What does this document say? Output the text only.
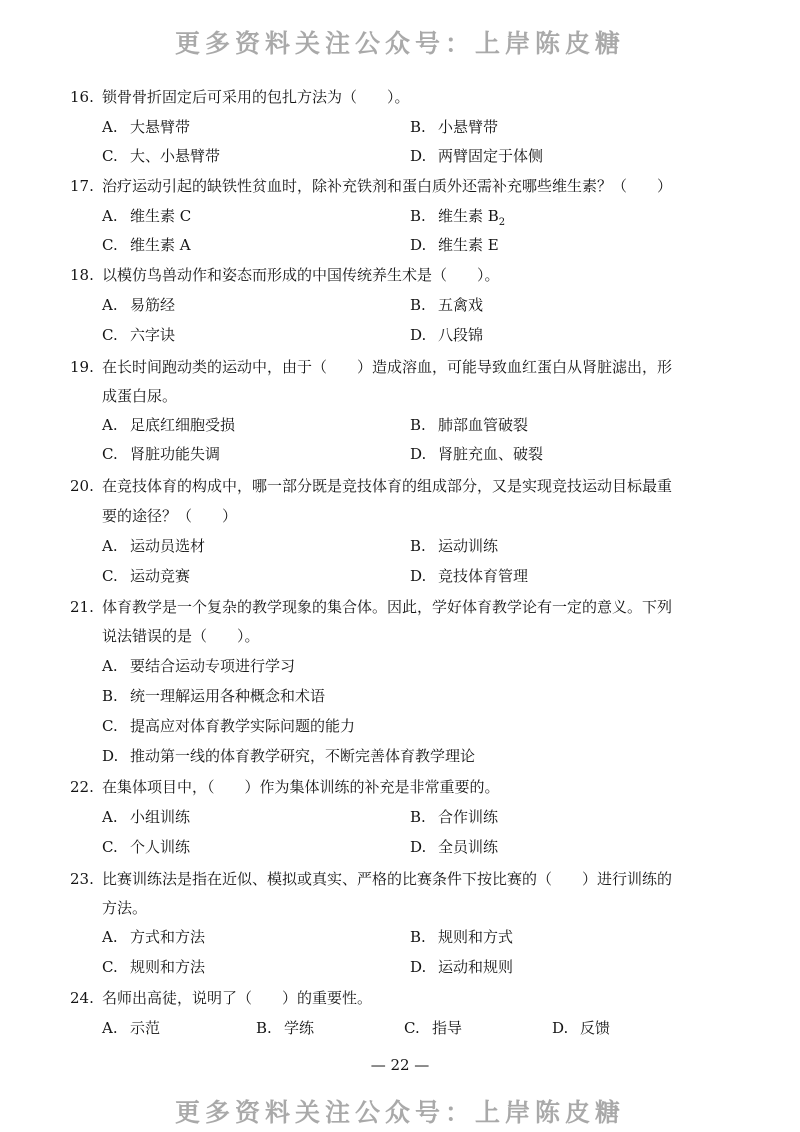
更多资料关注公众号：上岸陈皮糖
16. 锁骨骨折固定后可采用的包扎方法为（　　）。
A. 大悬臂带	B. 小悬臂带
C. 大、小悬臂带	D. 两臂固定于体侧
17. 治疗运动引起的缺铁性贫血时，除补充铁剂和蛋白质外还需补充哪些维生素？（　　）
A. 维生素 C	B. 维生素 $B_2$
C. 维生素 A	D. 维生素 E
18. 以模仿鸟兽动作和姿态而形成的中国传统养生术是（　　）。
A. 易筋经	B. 五禽戏
C. 六字诀	D. 八段锦
19. 在长时间跑动类的运动中，由于（　　）造成溶血，可能导致血红蛋白从肾脏滤出，形
成蛋白尿。
A. 足底红细胞受损	B. 肺部血管破裂
C. 肾脏功能失调	D. 肾脏充血、破裂
20. 在竞技体育的构成中，哪一部分既是竞技体育的组成部分，又是实现竞技运动目标最重
要的途径？（　　）
A. 运动员选材	B. 运动训练
C. 运动竞赛	D. 竞技体育管理
21. 体育教学是一个复杂的教学现象的集合体。因此，学好体育教学论有一定的意义。下列
说法错误的是（　　）。
A. 要结合运动专项进行学习
B. 统一理解运用各种概念和术语
C. 提高应对体育教学实际问题的能力
D. 推动第一线的体育教学研究，不断完善体育教学理论
22. 在集体项目中，（　　）作为集体训练的补充是非常重要的。
A. 小组训练	B. 合作训练
C. 个人训练	D. 全员训练
23. 比赛训练法是指在近似、模拟或真实、严格的比赛条件下按比赛的（　　）进行训练的
方法。
A. 方式和方法	B. 规则和方式
C. 规则和方法	D. 运动和规则
24. 名师出高徒，说明了（　　）的重要性。
A. 示范	B. 学练	C. 指导	D. 反馈
— 22 —
更多资料关注公众号：上岸陈皮糖
